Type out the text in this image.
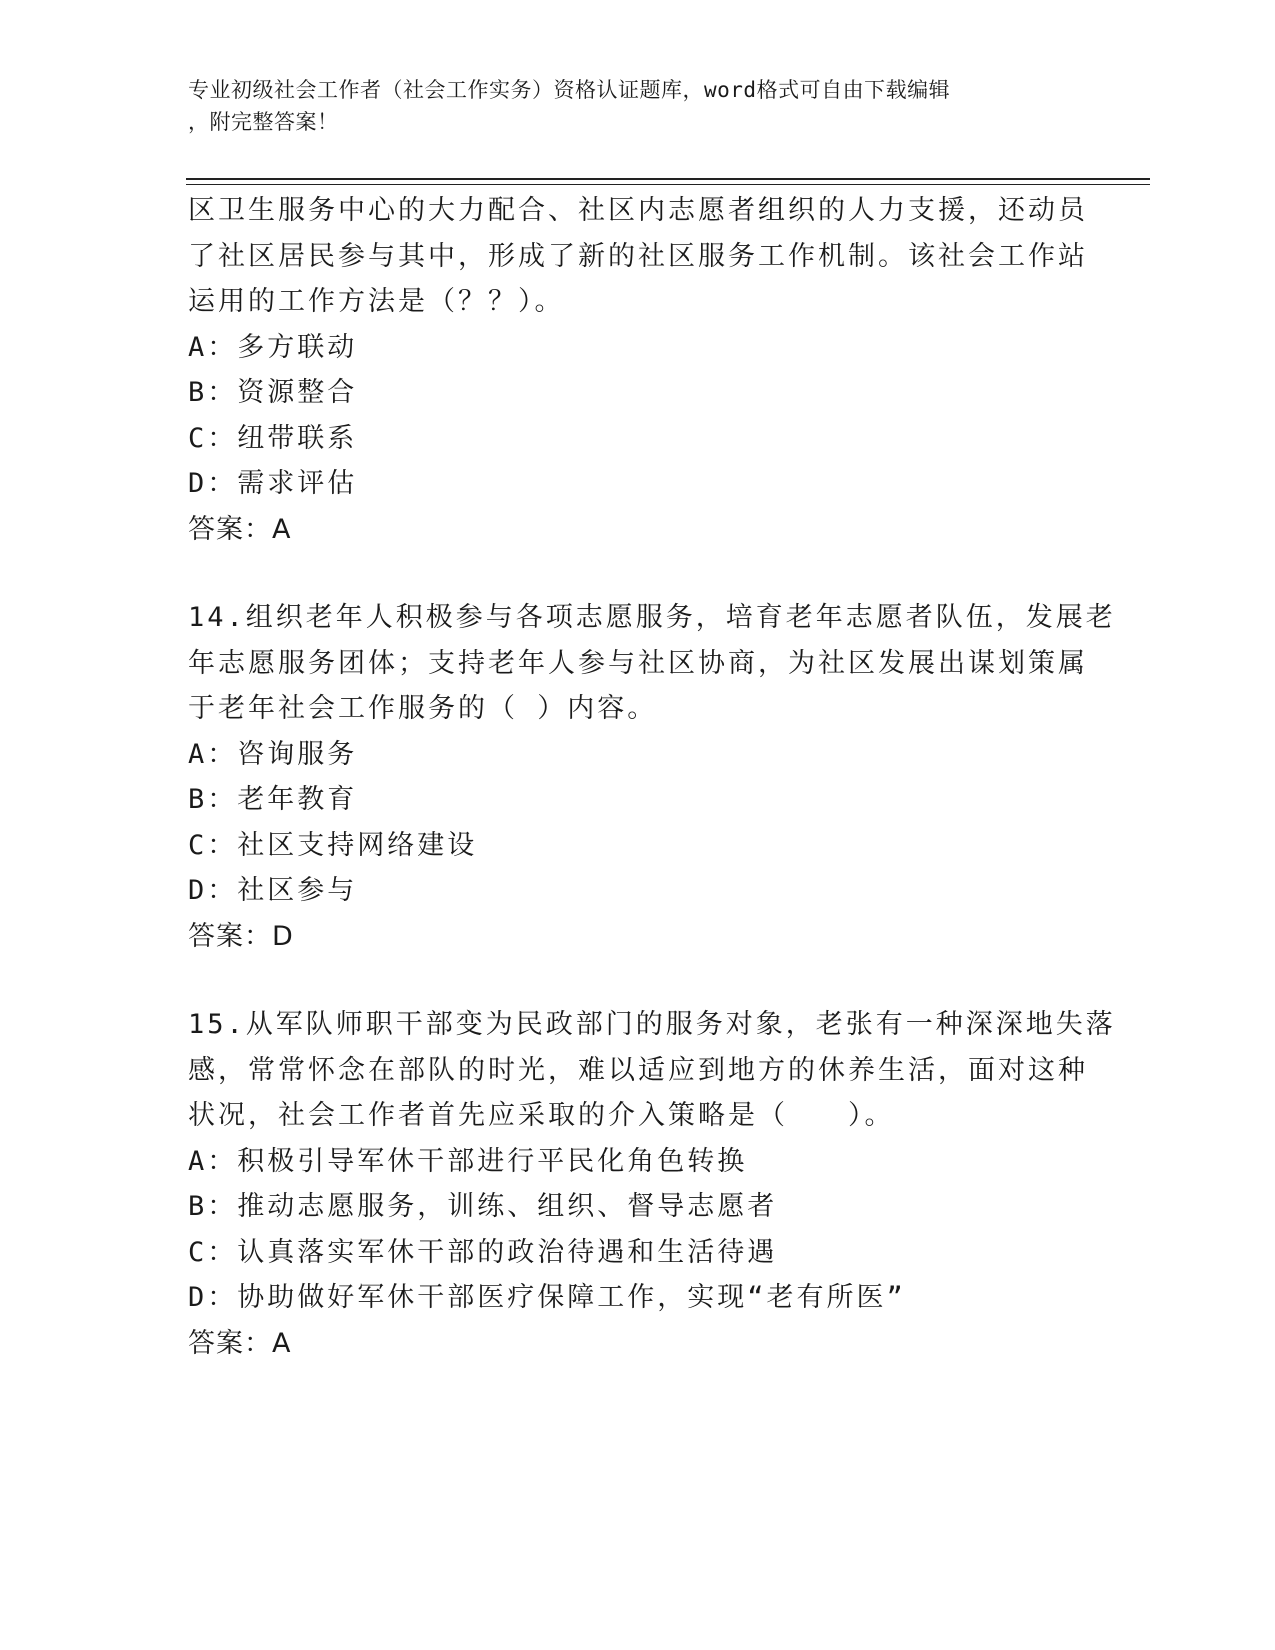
专业初级社会工作者（社会工作实务）资格认证题库，word格式可自由下载编辑
，附完整答案！
区卫生服务中心的大力配合、社区内志愿者组织的人力支援，还动员
了社区居民参与其中，形成了新的社区服务工作机制。该社会工作站
运用的工作方法是（？？）。
A：多方联动
B：资源整合
C：纽带联系
D：需求评估
答案：A
14.组织老年人积极参与各项志愿服务，培育老年志愿者队伍，发展老
年志愿服务团体；支持老年人参与社区协商，为社区发展出谋划策属
于老年社会工作服务的（ ）内容。
A：咨询服务
B：老年教育
C：社区支持网络建设
D：社区参与
答案：D
15.从军队师职干部变为民政部门的服务对象，老张有一种深深地失落
感，常常怀念在部队的时光，难以适应到地方的休养生活，面对这种
状况，社会工作者首先应采取的介入策略是（　　）。
A：积极引导军休干部进行平民化角色转换
B：推动志愿服务，训练、组织、督导志愿者
C：认真落实军休干部的政治待遇和生活待遇
D：协助做好军休干部医疗保障工作，实现“老有所医”
答案：A
